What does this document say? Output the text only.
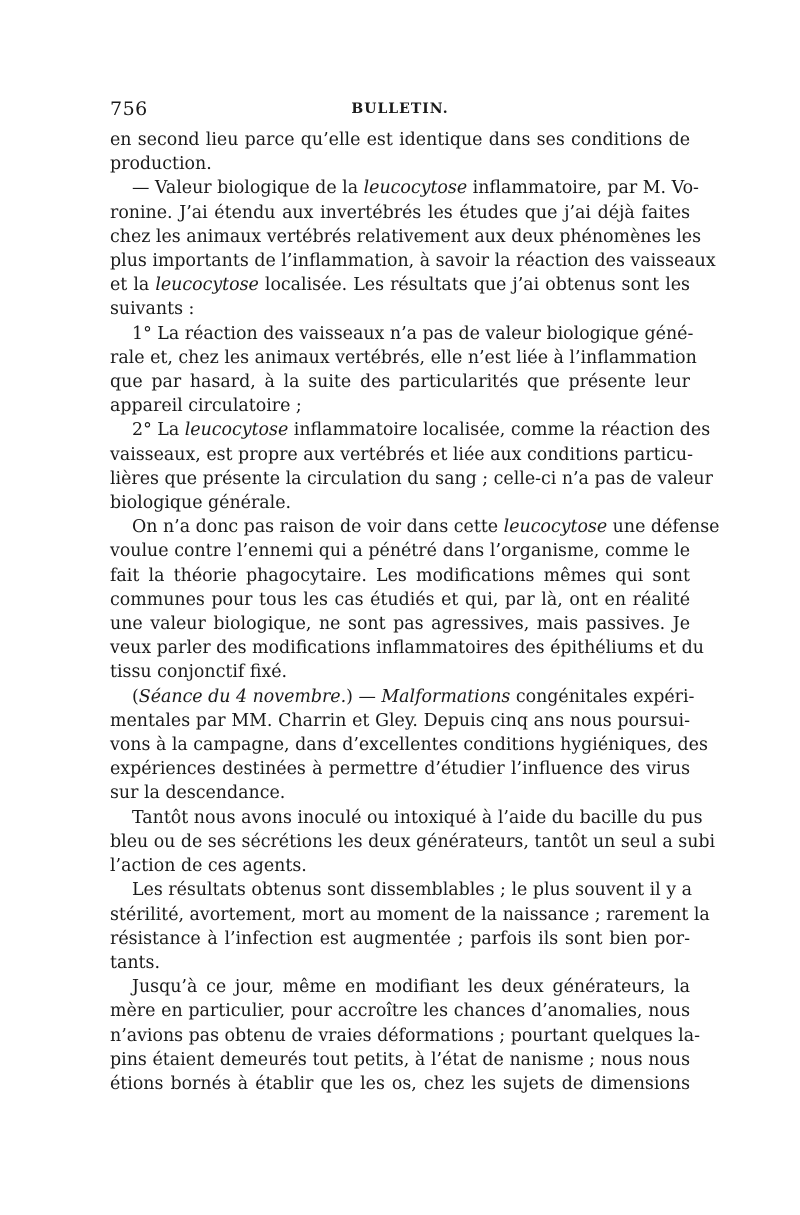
756	BULLETIN.

en second lieu parce qu’elle est identique dans ses conditions de
production.

— Valeur biologique de la leucocytose inflammatoire, par M. Vo-
ronine. J’ai étendu aux invertébrés les études que j’ai déjà faites
chez les animaux vertébrés relativement aux deux phénomènes les
plus importants de l’inflammation, à savoir la réaction des vaisseaux
et la leucocytose localisée. Les résultats que j’ai obtenus sont les
suivants :

1° La réaction des vaisseaux n’a pas de valeur biologique géné-
rale et, chez les animaux vertébrés, elle n’est liée à l’inflammation
que par hasard, à la suite des particularités que présente leur
appareil circulatoire ;

2° La leucocytose inflammatoire localisée, comme la réaction des
vaisseaux, est propre aux vertébrés et liée aux conditions particu-
lières que présente la circulation du sang ; celle-ci n’a pas de valeur
biologique générale.

On n’a donc pas raison de voir dans cette leucocytose une défense
voulue contre l’ennemi qui a pénétré dans l’organisme, comme le
fait la théorie phagocytaire. Les modifications mêmes qui sont
communes pour tous les cas étudiés et qui, par là, ont en réalité
une valeur biologique, ne sont pas agressives, mais passives. Je
veux parler des modifications inflammatoires des épithéliums et du
tissu conjonctif fixé.

(Séance du 4 novembre.) — Malformations congénitales expéri-
mentales par MM. Charrin et Gley. Depuis cinq ans nous poursui-
vons à la campagne, dans d’excellentes conditions hygiéniques, des
expériences destinées à permettre d’étudier l’influence des virus
sur la descendance.

Tantôt nous avons inoculé ou intoxiqué à l’aide du bacille du pus
bleu ou de ses sécrétions les deux générateurs, tantôt un seul a subi
l’action de ces agents.

Les résultats obtenus sont dissemblables ; le plus souvent il y a
stérilité, avortement, mort au moment de la naissance ; rarement la
résistance à l’infection est augmentée ; parfois ils sont bien por-
tants.

Jusqu’à ce jour, même en modifiant les deux générateurs, la
mère en particulier, pour accroître les chances d’anomalies, nous
n’avions pas obtenu de vraies déformations ; pourtant quelques la-
pins étaient demeurés tout petits, à l’état de nanisme ; nous nous
étions bornés à établir que les os, chez les sujets de dimensions
